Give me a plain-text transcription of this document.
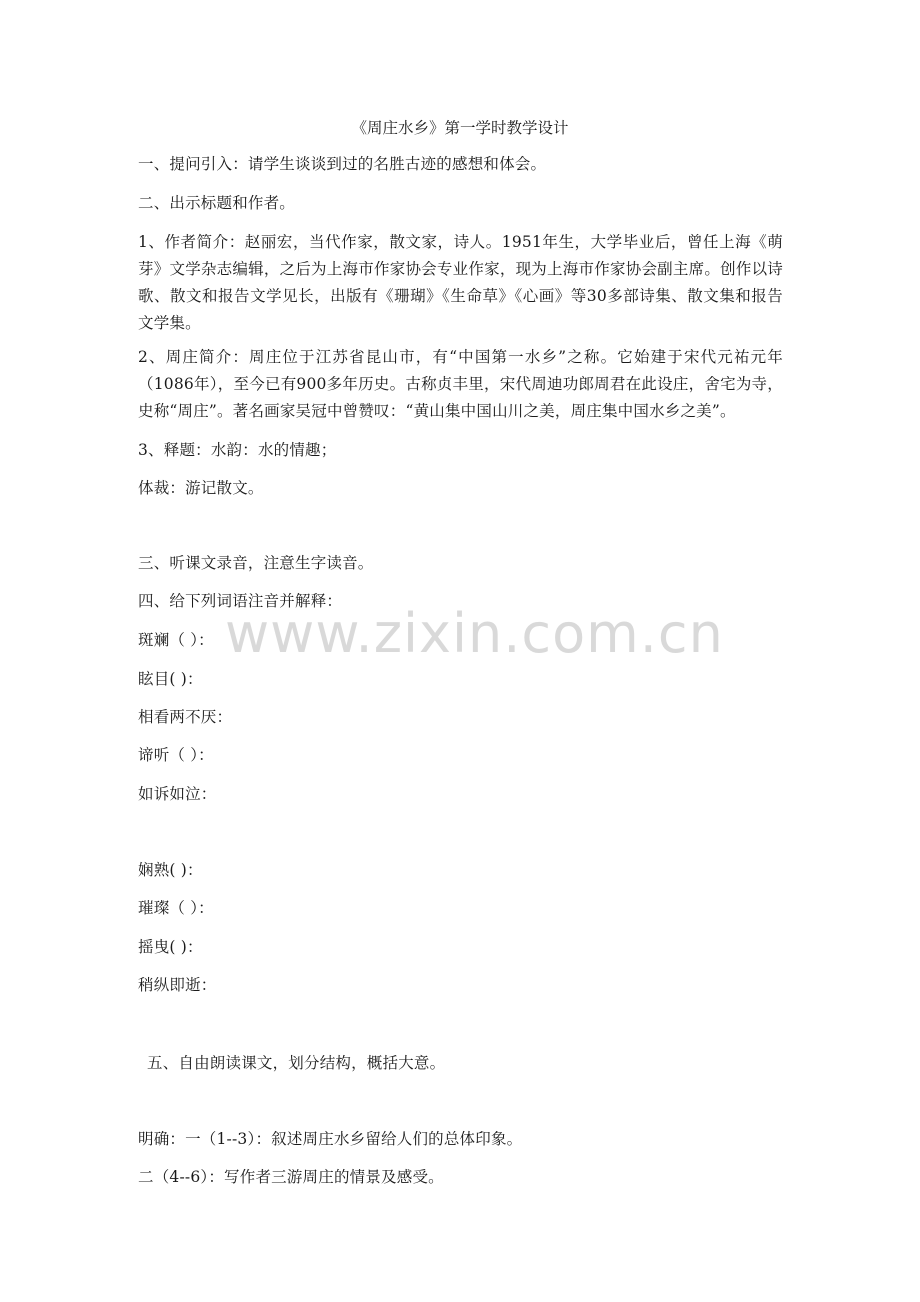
《周庄水乡》第一学时教学设计
一、提问引入：请学生谈谈到过的名胜古迹的感想和体会。
二、出示标题和作者。
1、作者简介：赵丽宏，当代作家，散文家，诗人。1951年生，大学毕业后，曾任上海《萌芽》文学杂志编辑，之后为上海市作家协会专业作家，现为上海市作家协会副主席。创作以诗歌、散文和报告文学见长，出版有《珊瑚》《生命草》《心画》等30多部诗集、散文集和报告文学集。
2、周庄简介：周庄位于江苏省昆山市，有“中国第一水乡”之称。它始建于宋代元祐元年（1086年），至今已有900多年历史。古称贞丰里，宋代周迪功郎周君在此设庄，舍宅为寺，史称“周庄”。著名画家吴冠中曾赞叹：“黄山集中国山川之美，周庄集中国水乡之美”。
3、释题：水韵：水的情趣；
体裁：游记散文。
三、听课文录音，注意生字读音。
四、给下列词语注音并解释：
斑斓（ ）：
眩目( )：
相看两不厌：
谛听（ ）：
如诉如泣：
娴熟( )：
璀璨（ ）：
摇曳( )：
稍纵即逝：
五、自由朗读课文，划分结构，概括大意。
明确：一（1--3）：叙述周庄水乡留给人们的总体印象。
二（4--6）：写作者三游周庄的情景及感受。
www.zixin.com.cn
